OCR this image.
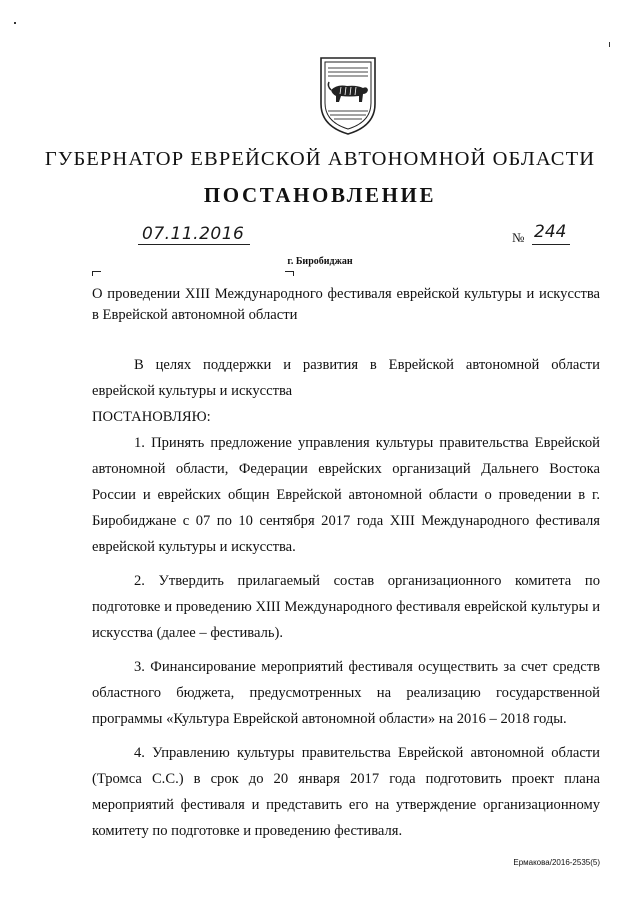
ГУБЕРНАТОР ЕВРЕЙСКОЙ АВТОНОМНОЙ ОБЛАСТИ
ПОСТАНОВЛЕНИЕ
07.11.2016	№ 244
г. Биробиджан
О проведении XIII Международного фестиваля еврейской культуры и искусства в Еврейской автономной области

В целях поддержки и развития в Еврейской автономной области еврейской культуры и искусства

ПОСТАНОВЛЯЮ:

1. Принять предложение управления культуры правительства Еврейской автономной области, Федерации еврейских организаций Дальнего Востока России и еврейских общин Еврейской автономной области о проведении в г. Биробиджане с 07 по 10 сентября 2017 года XIII Международного фестиваля еврейской культуры и искусства.

2. Утвердить прилагаемый состав организационного комитета по подготовке и проведению XIII Международного фестиваля еврейской культуры и искусства (далее – фестиваль).

3. Финансирование мероприятий фестиваля осуществить за счет средств областного бюджета, предусмотренных на реализацию государственной программы «Культура Еврейской автономной области» на 2016 – 2018 годы.

4. Управлению культуры правительства Еврейской автономной области (Тромса С.С.) в срок до 20 января 2017 года подготовить проект плана мероприятий фестиваля и представить его на утверждение организационному комитету по подготовке и проведению фестиваля.

Ермакова/2016-2535(5)
